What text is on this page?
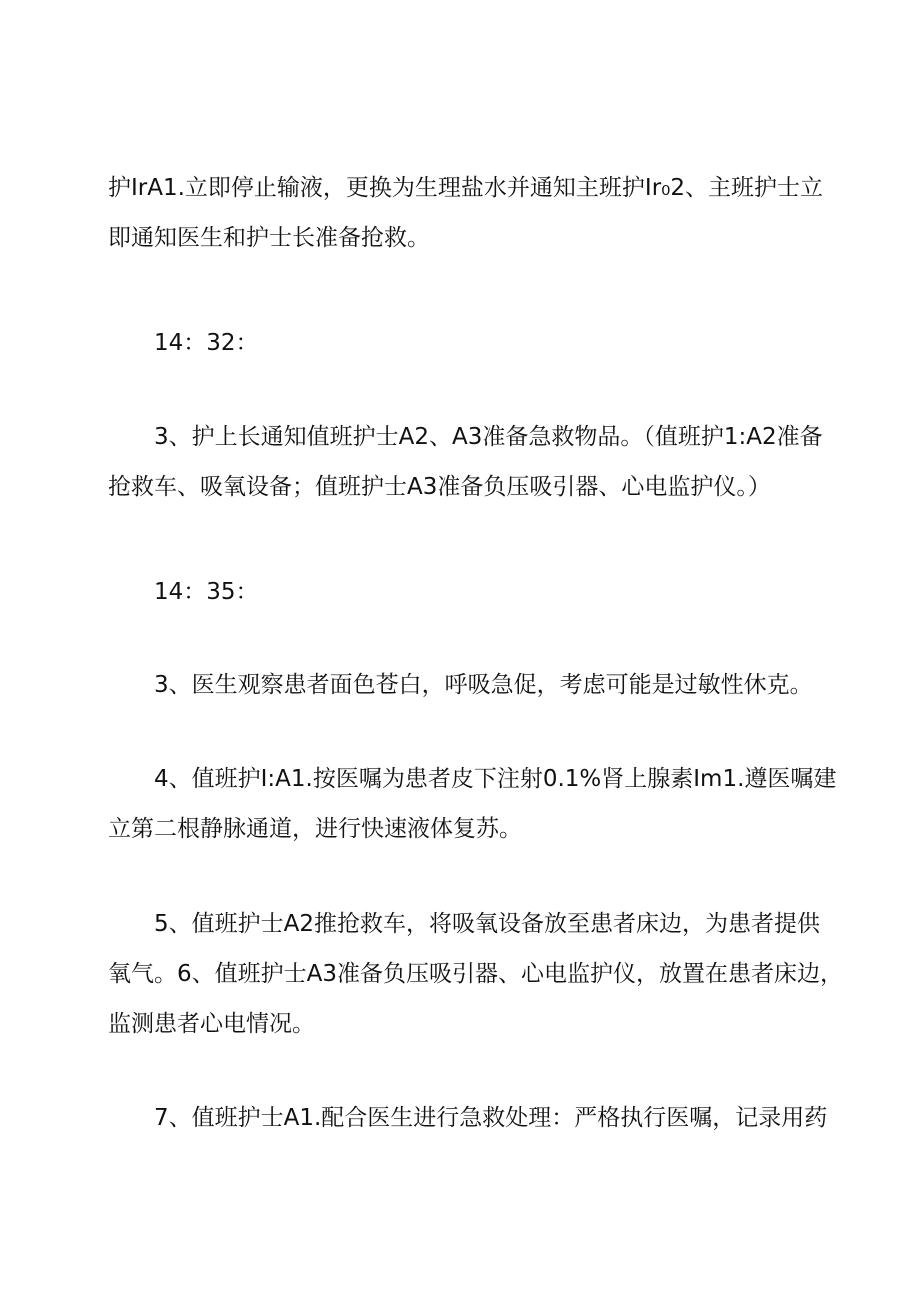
护IrA1.立即停止输液，更换为生理盐水并通知主班护Ir₀2、主班护士立
即通知医生和护士长准备抢救。

14：32：

3、护上长通知值班护士A2、A3准备急救物品。（值班护1:A2准备
抢救车、吸氧设备；值班护士A3准备负压吸引器、心电监护仪。）

14：35：

3、医生观察患者面色苍白，呼吸急促，考虑可能是过敏性休克。

4、值班护I:A1.按医嘱为患者皮下注射0.1%肾上腺素Im1.遵医嘱建
立第二根静脉通道，进行快速液体复苏。

5、值班护士A2推抢救车，将吸氧设备放至患者床边，为患者提供
氧气。6、值班护士A3准备负压吸引器、心电监护仪，放置在患者床边，
监测患者心电情况。

7、值班护士A1.配合医生进行急救处理：严格执行医嘱，记录用药
